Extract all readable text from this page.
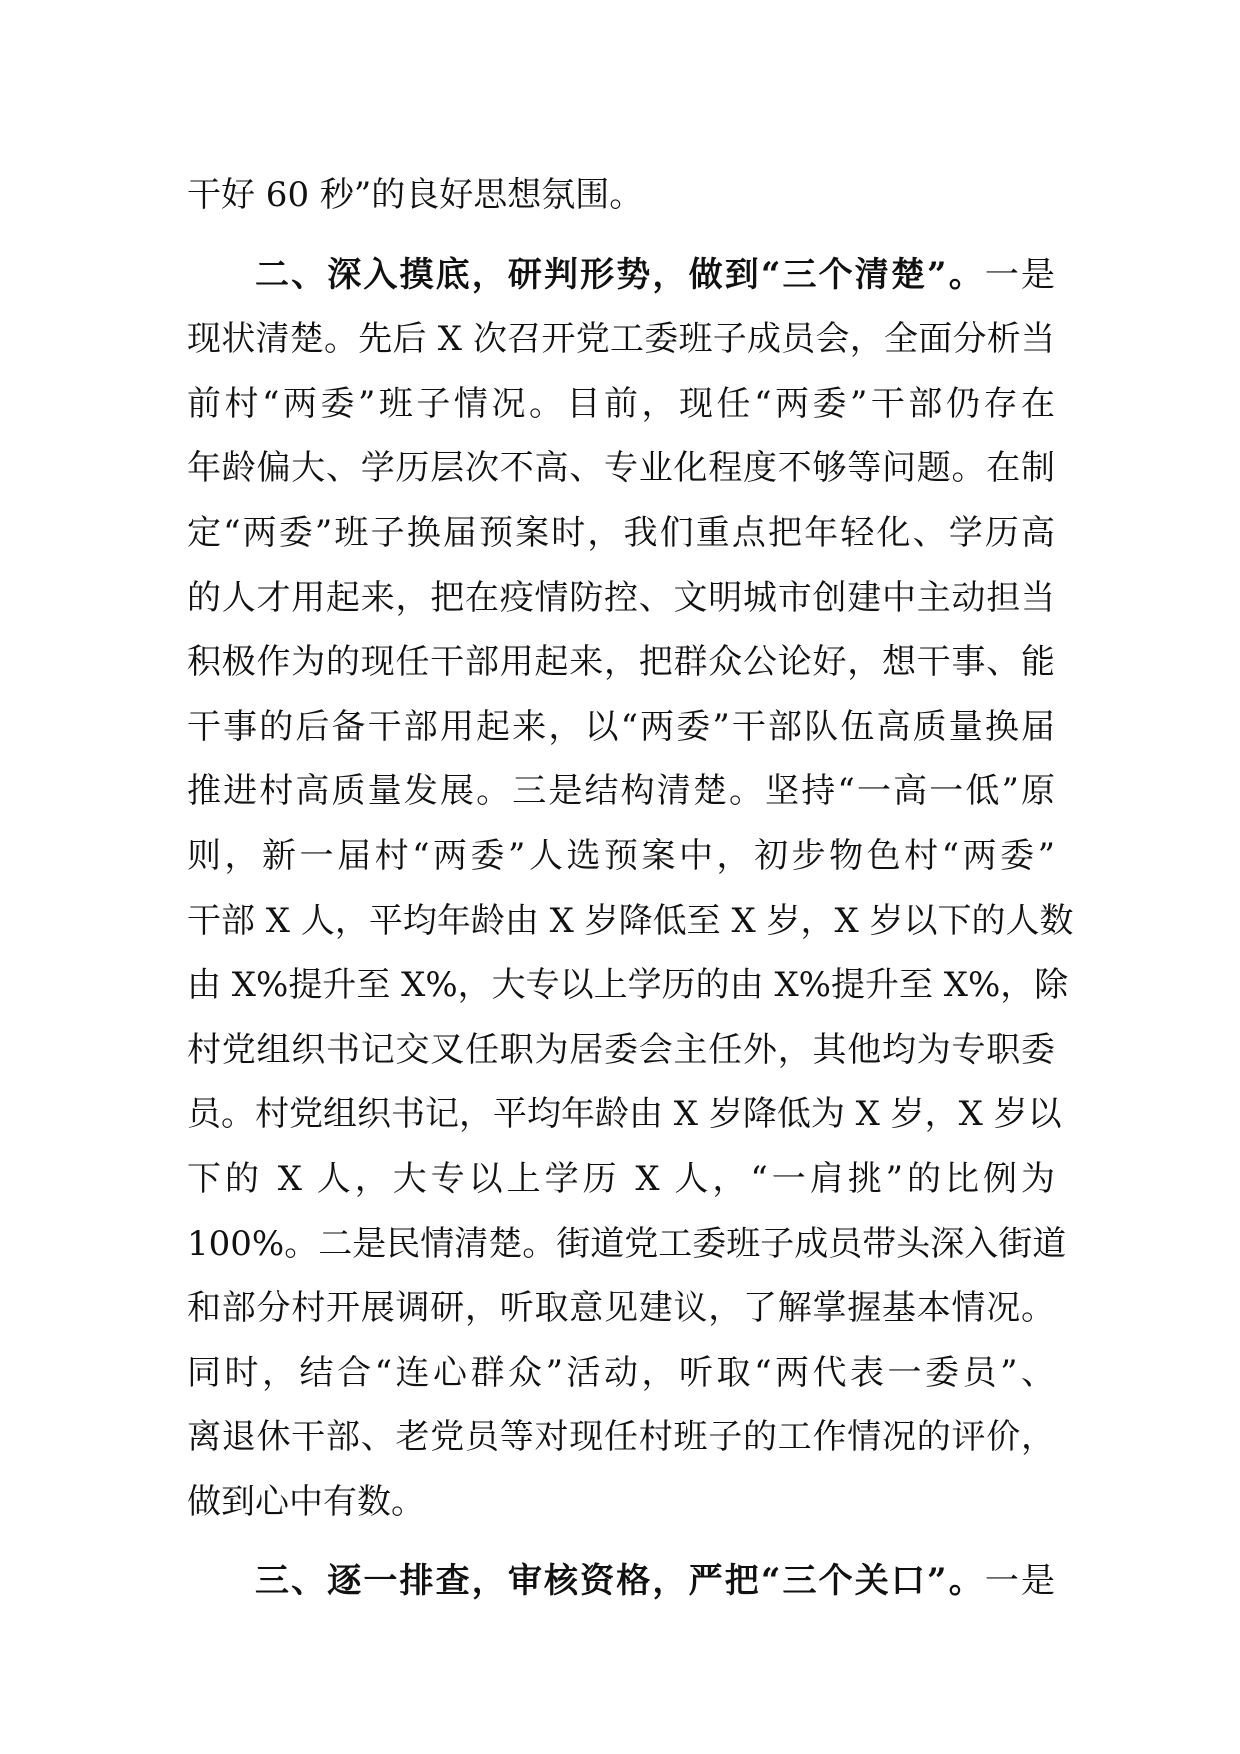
干好 60 秒”的良好思想氛围。
二、深入摸底，研判形势，做到“三个清楚”。一是
现状清楚。先后 X 次召开党工委班子成员会，全面分析当
前村“两委”班子情况。目前，现任“两委”干部仍存在
年龄偏大、学历层次不高、专业化程度不够等问题。在制
定“两委”班子换届预案时，我们重点把年轻化、学历高
的人才用起来，把在疫情防控、文明城市创建中主动担当
积极作为的现任干部用起来，把群众公论好，想干事、能
干事的后备干部用起来，以“两委”干部队伍高质量换届
推进村高质量发展。三是结构清楚。坚持“一高一低”原
则，新一届村“两委”人选预案中，初步物色村“两委”
干部 X 人，平均年龄由 X 岁降低至 X 岁，X 岁以下的人数
由 X%提升至 X%，大专以上学历的由 X%提升至 X%，除
村党组织书记交叉任职为居委会主任外，其他均为专职委
员。村党组织书记，平均年龄由 X 岁降低为 X 岁，X 岁以
下的 X 人，大专以上学历 X 人，“一肩挑”的比例为
100%。二是民情清楚。街道党工委班子成员带头深入街道
和部分村开展调研，听取意见建议，了解掌握基本情况。
同时，结合“连心群众”活动，听取“两代表一委员”、
离退休干部、老党员等对现任村班子的工作情况的评价，
做到心中有数。
三、逐一排查，审核资格，严把“三个关口”。一是
